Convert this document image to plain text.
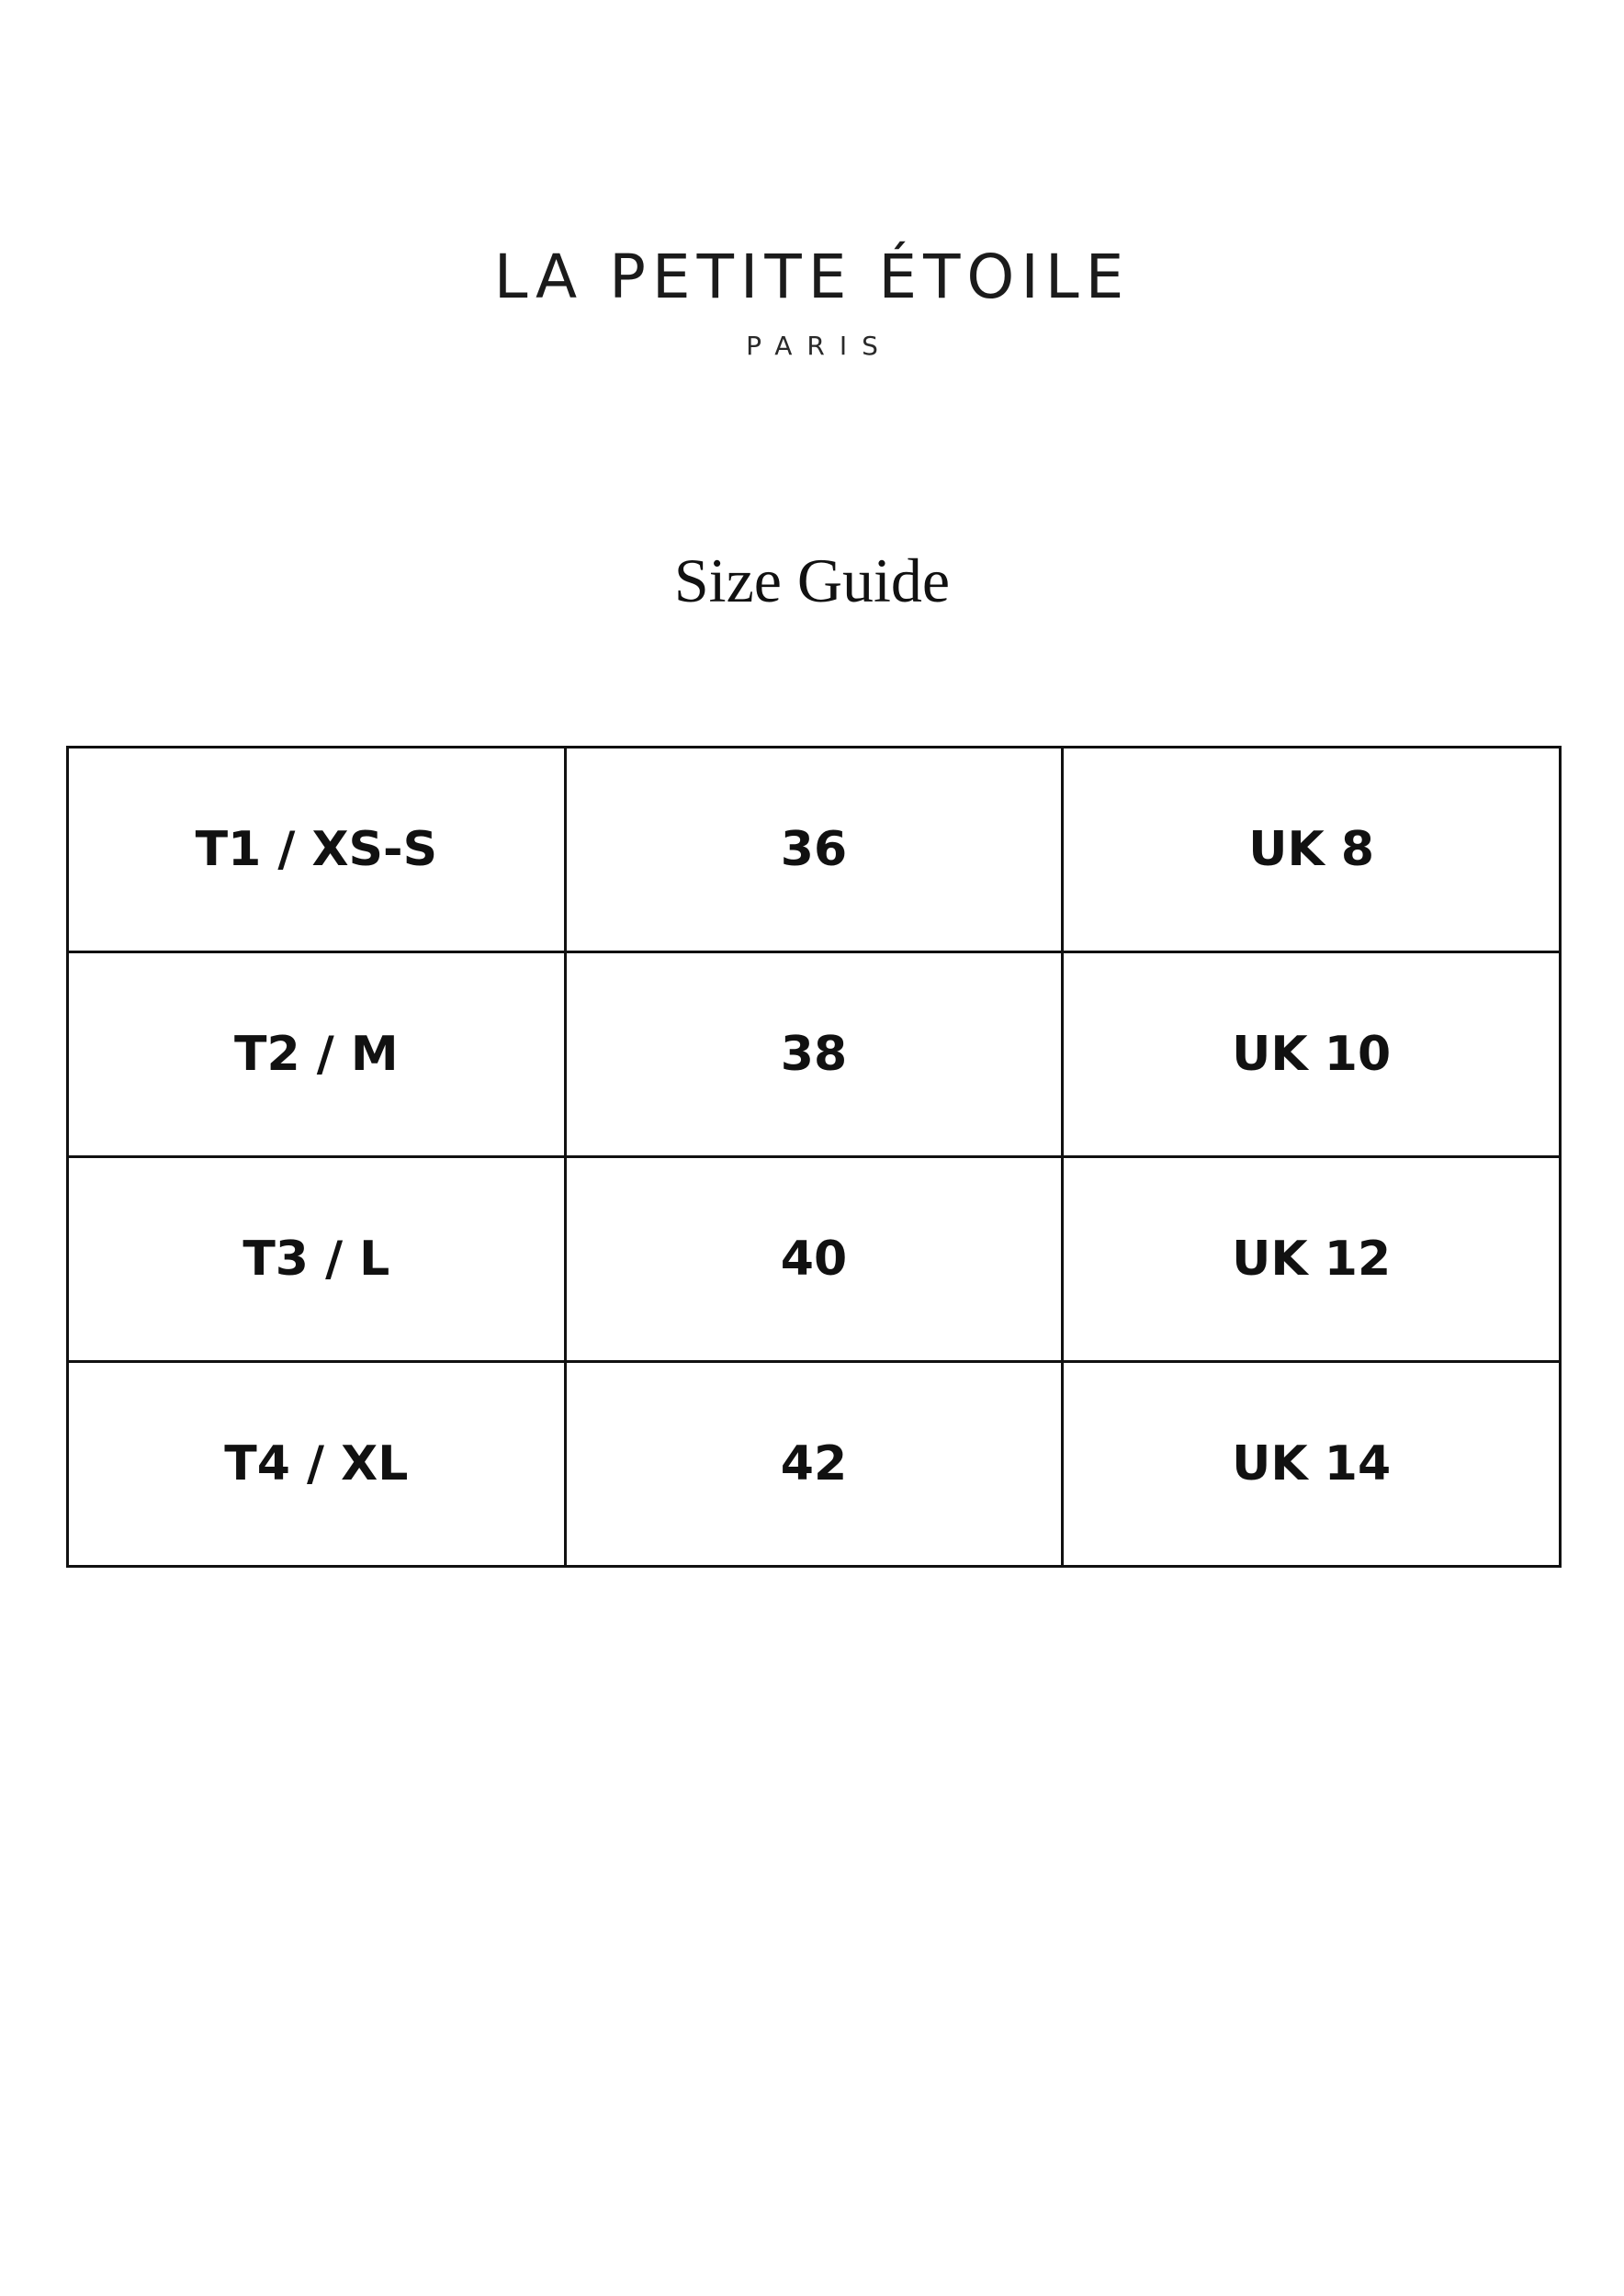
LA PETITE ÉTOILE
PARIS
Size Guide
T1 / XS-S	36	UK 8
T2 / M	38	UK 10
T3 / L	40	UK 12
T4 / XL	42	UK 14
